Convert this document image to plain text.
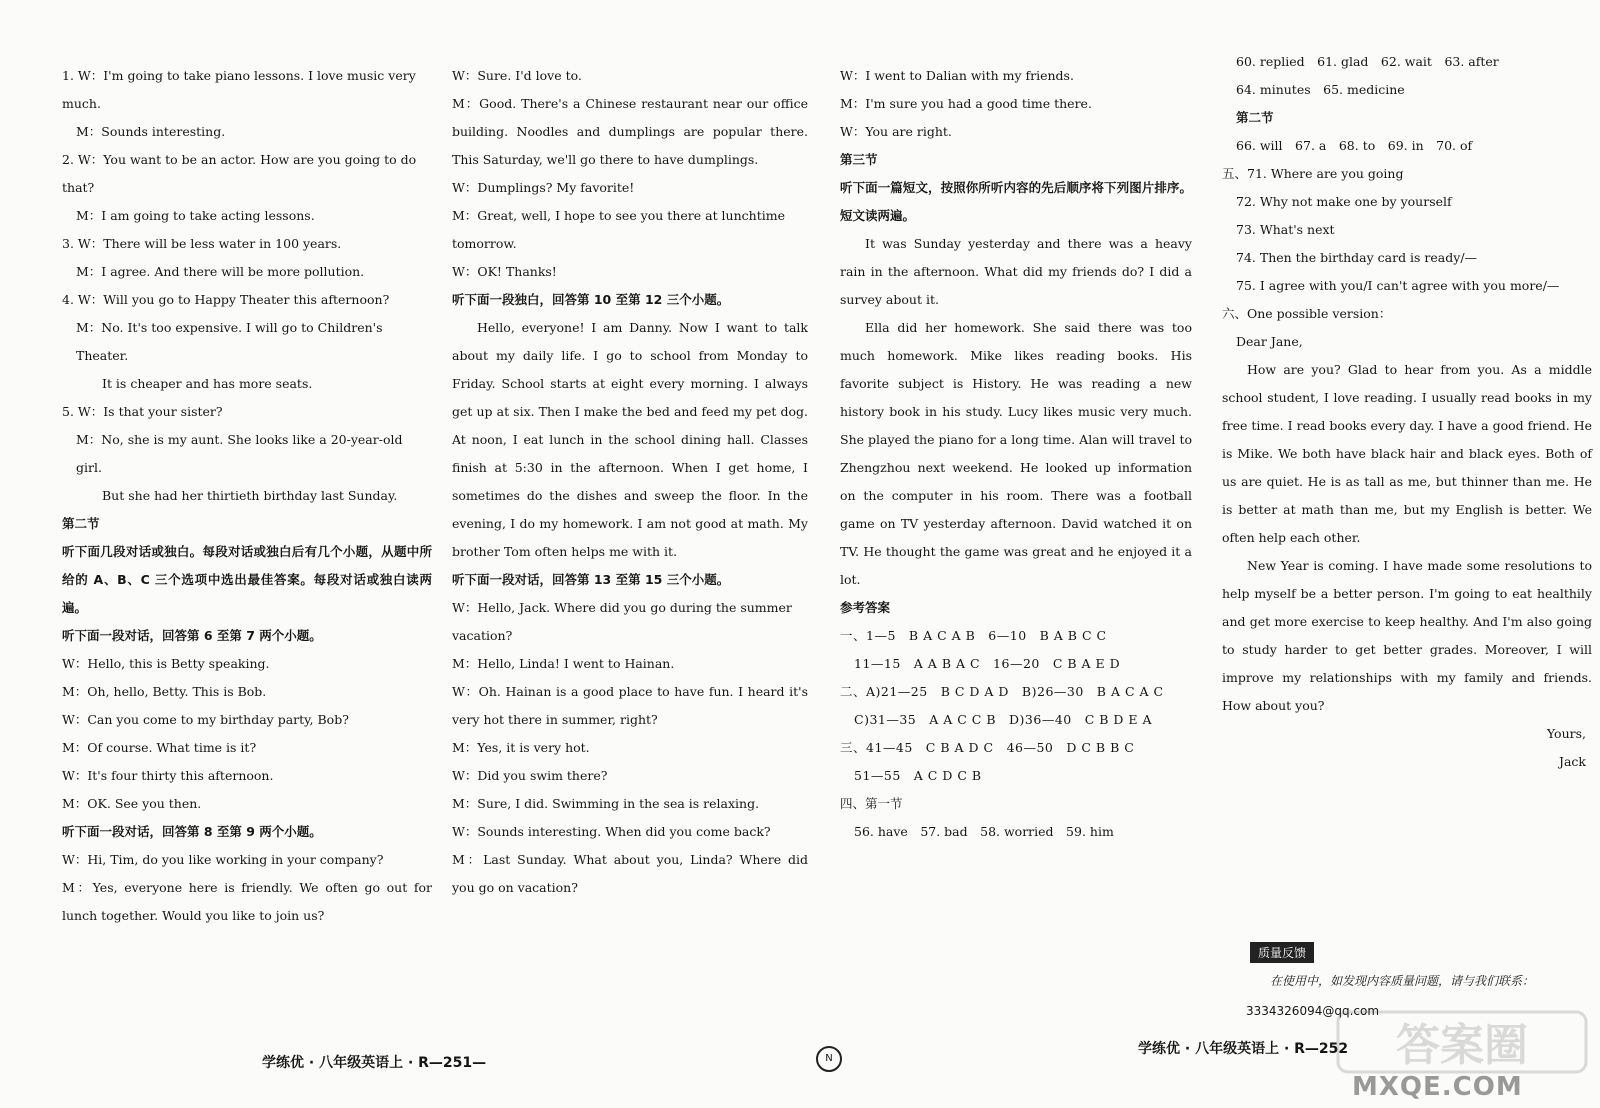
1. W：I'm going to take piano lessons. I love music very much.

M：Sounds interesting.

2. W：You want to be an actor. How are you going to do that?

M：I am going to take acting lessons.

3. W：There will be less water in 100 years.

M：I agree. And there will be more pollution.

4. W：Will you go to Happy Theater this afternoon?

M：No. It's too expensive. I will go to Children's Theater.

It is cheaper and has more seats.

5. W：Is that your sister?

M：No, she is my aunt. She looks like a 20-year-old girl.

But she had her thirtieth birthday last Sunday.

第二节

听下面几段对话或独白。每段对话或独白后有几个小题，从题中所给的 A、B、C 三个选项中选出最佳答案。每段对话或独白读两遍。

听下面一段对话，回答第 6 至第 7 两个小题。

W：Hello, this is Betty speaking.

M：Oh, hello, Betty. This is Bob.

W：Can you come to my birthday party, Bob?

M：Of course. What time is it?

W：It's four thirty this afternoon.

M：OK. See you then.

听下面一段对话，回答第 8 至第 9 两个小题。

W：Hi, Tim, do you like working in your company?

M：Yes, everyone here is friendly. We often go out for lunch together. Would you like to join us?

W：Sure. I'd love to.

M：Good. There's a Chinese restaurant near our office building. Noodles and dumplings are popular there. This Saturday, we'll go there to have dumplings.

W：Dumplings? My favorite!

M：Great, well, I hope to see you there at lunchtime tomorrow.

W：OK! Thanks!

听下面一段独白，回答第 10 至第 12 三个小题。

Hello, everyone! I am Danny. Now I want to talk about my daily life. I go to school from Monday to Friday. School starts at eight every morning. I always get up at six. Then I make the bed and feed my pet dog. At noon, I eat lunch in the school dining hall. Classes finish at 5:30 in the afternoon. When I get home, I sometimes do the dishes and sweep the floor. In the evening, I do my homework. I am not good at math. My brother Tom often helps me with it.

听下面一段对话，回答第 13 至第 15 三个小题。

W：Hello, Jack. Where did you go during the summer vacation?

M：Hello, Linda! I went to Hainan.

W：Oh. Hainan is a good place to have fun. I heard it's very hot there in summer, right?

M：Yes, it is very hot.

W：Did you swim there?

M：Sure, I did. Swimming in the sea is relaxing.

W：Sounds interesting. When did you come back?

M：Last Sunday. What about you, Linda? Where did you go on vacation?

W：I went to Dalian with my friends.

M：I'm sure you had a good time there.

W：You are right.

第三节

听下面一篇短文，按照你所听内容的先后顺序将下列图片排序。短文读两遍。

It was Sunday yesterday and there was a heavy rain in the afternoon. What did my friends do? I did a survey about it.

Ella did her homework. She said there was too much homework. Mike likes reading books. His favorite subject is History. He was reading a new history book in his study. Lucy likes music very much. She played the piano for a long time. Alan will travel to Zhengzhou next weekend. He looked up information on the computer in his room. There was a football game on TV yesterday afternoon. David watched it on TV. He thought the game was great and he enjoyed it a lot.

参考答案

一、1—5　B A C A B　6—10　B A B C C

11—15　A A B A C　16—20　C B A E D

二、A)21—25　B C D A D　B)26—30　B A C A C

C)31—35　A A C C B　D)36—40　C B D E A

三、41—45　C B A D C　46—50　D C B B C

51—55　A C D C B

四、第一节

56. have　57. bad　58. worried　59. him

60. replied　61. glad　62. wait　63. after

64. minutes　65. medicine

第二节

66. will　67. a　68. to　69. in　70. of

五、71. Where are you going

72. Why not make one by yourself

73. What's next

74. Then the birthday card is ready/—

75. I agree with you/I can't agree with you more/—

六、One possible version：

Dear Jane,

How are you? Glad to hear from you. As a middle school student, I love reading. I usually read books in my free time. I read books every day. I have a good friend. He is Mike. We both have black hair and black eyes. Both of us are quiet. He is as tall as me, but thinner than me. He is better at math than me, but my English is better. We often help each other.

New Year is coming. I have made some resolutions to help myself be a better person. I'm going to eat healthily and get more exercise to keep healthy. And I'm also going to study harder to get better grades. Moreover, I will improve my relationships with my family and friends. How about you?

Yours,

Jack

学练优 · 八年级英语上 · R—251—	N
学练优 · 八年级英语上 · R—252
质量反馈
在使用中，如发现内容质量问题，请与我们联系：
3334326094@qq.com
答案圈
MXQE.COM
